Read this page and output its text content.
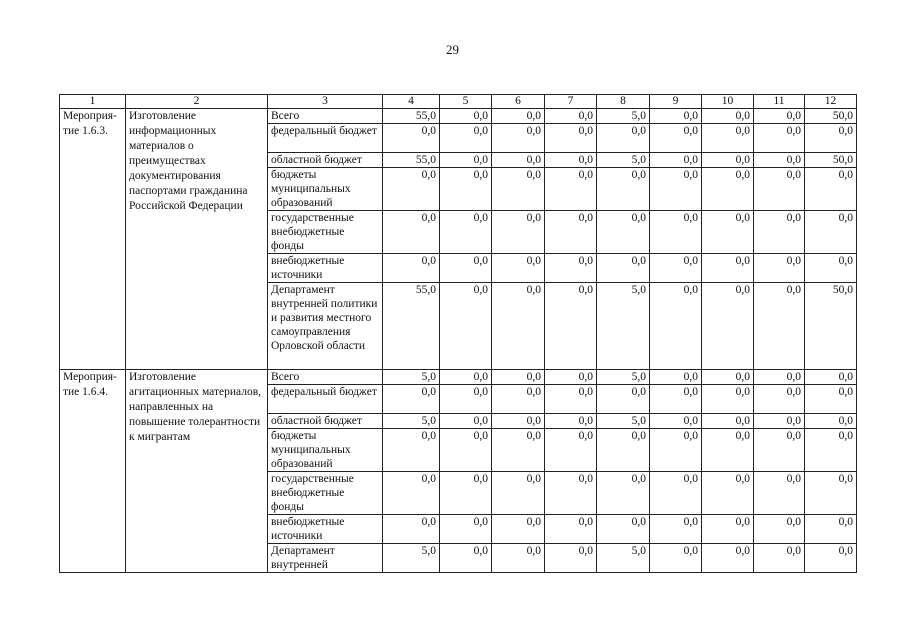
29
1	2	3	4	5	6	7	8	9	10	11	12
Мероприя-тие 1.6.3.	Изготовление информационных материалов о преимуществах документирования паспортами гражданина Российской Федерации	Всего	55,0	0,0	0,0	0,0	5,0	0,0	0,0	0,0	50,0
		федеральный бюджет	0,0	0,0	0,0	0,0	0,0	0,0	0,0	0,0	0,0
		областной бюджет	55,0	0,0	0,0	0,0	5,0	0,0	0,0	0,0	50,0
		бюджеты муниципальных образований	0,0	0,0	0,0	0,0	0,0	0,0	0,0	0,0	0,0
		государственные внебюджетные фонды	0,0	0,0	0,0	0,0	0,0	0,0	0,0	0,0	0,0
		внебюджетные источники	0,0	0,0	0,0	0,0	0,0	0,0	0,0	0,0	0,0
		Департамент внутренней политики и развития местного самоуправления Орловской области	55,0	0,0	0,0	0,0	5,0	0,0	0,0	0,0	50,0
Мероприя-тие 1.6.4.	Изготовление агитационных материалов, направленных на повышение толерантности к мигрантам	Всего	5,0	0,0	0,0	0,0	5,0	0,0	0,0	0,0	0,0
		федеральный бюджет	0,0	0,0	0,0	0,0	0,0	0,0	0,0	0,0	0,0
		областной бюджет	5,0	0,0	0,0	0,0	5,0	0,0	0,0	0,0	0,0
		бюджеты муниципальных образований	0,0	0,0	0,0	0,0	0,0	0,0	0,0	0,0	0,0
		государственные внебюджетные фонды	0,0	0,0	0,0	0,0	0,0	0,0	0,0	0,0	0,0
		внебюджетные источники	0,0	0,0	0,0	0,0	0,0	0,0	0,0	0,0	0,0
		Департамент внутренней	5,0	0,0	0,0	0,0	5,0	0,0	0,0	0,0	0,0
